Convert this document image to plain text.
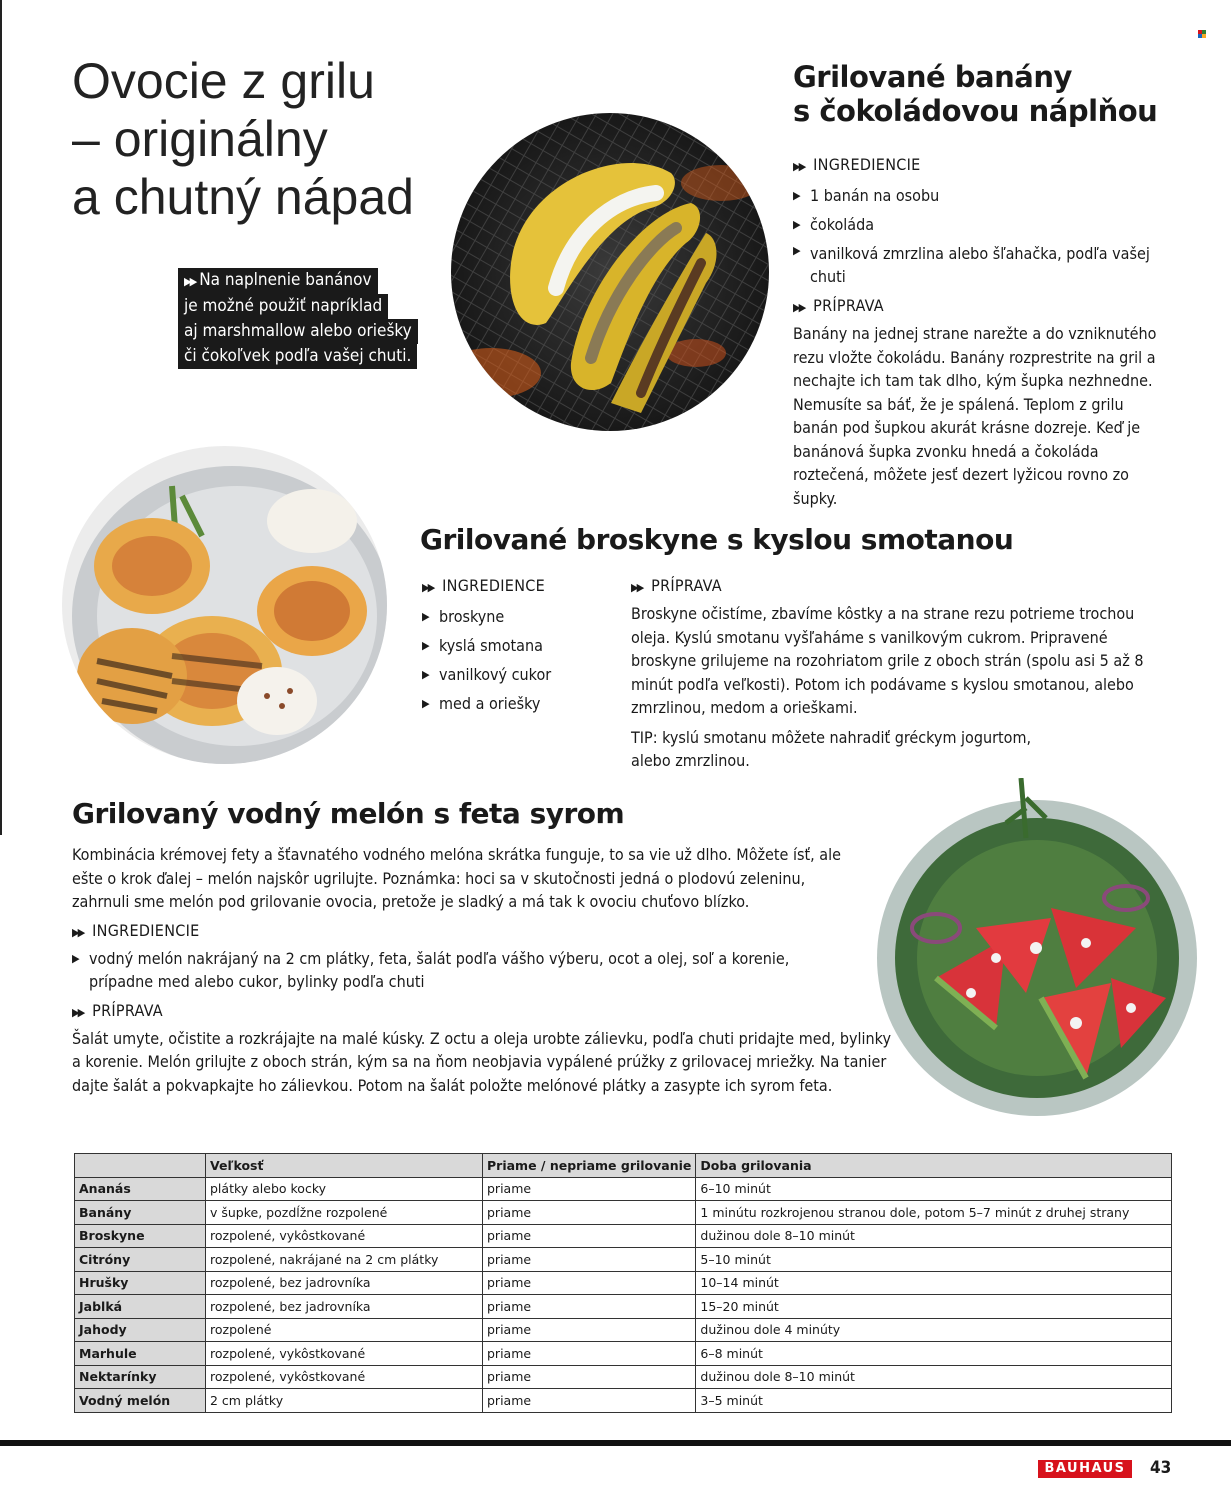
Ovocie z grilu
– originálny
a chutný nápad
▶▶ Na naplnenie banánov
je možné použiť napríklad
aj marshmallow alebo oriešky
či čokoľvek podľa vašej chuti.
Grilované banány
s čokoládovou náplňou
▶▶ INGREDIENCIE
▶ 1 banán na osobu
▶ čokoláda
▶ vanilková zmrzlina alebo šľahačka, podľa vašej chuti
▶▶ PRÍPRAVA
Banány na jednej strane narežte a do vzniknutého rezu vložte čokoládu. Banány rozprestrite na gril a nechajte ich tam tak dlho, kým šupka nezhnedne. Nemusíte sa báť, že je spálená. Teplom z grilu banán pod šupkou akurát krásne dozreje. Keď je banánová šupka zvonku hnedá a čokoláda roztečená, môžete jesť dezert lyžicou rovno zo šupky.
Grilované broskyne s kyslou smotanou
▶▶ INGREDIENCE
▶ broskyne
▶ kyslá smotana
▶ vanilkový cukor
▶ med a oriešky
▶▶ PRÍPRAVA
Broskyne očistíme, zbavíme kôstky a na strane rezu potrieme trochou oleja. Kyslú smotanu vyšľaháme s vanilkovým cukrom. Pripravené broskyne grilujeme na rozohriatom grile z oboch strán (spolu asi 5 až 8 minút podľa veľkosti). Potom ich podávame s kyslou smotanou, alebo zmrzlinou, medom a orieškami.
TIP: kyslú smotanu môžete nahradiť gréckym jogurtom, alebo zmrzlinou.
Grilovaný vodný melón s feta syrom
Kombinácia krémovej fety a šťavnatého vodného melóna skrátka funguje, to sa vie už dlho. Môžete ísť, ale ešte o krok ďalej – melón najskôr ugrilujte. Poznámka: hoci sa v skutočnosti jedná o plodovú zeleninu, zahrnuli sme melón pod grilovanie ovocia, pretože je sladký a má tak k ovociu chuťovo blízko.
▶▶ INGREDIENCIE
▶ vodný melón nakrájaný na 2 cm plátky, feta, šalát podľa vášho výberu, ocot a olej, soľ a korenie, prípadne med alebo cukor, bylinky podľa chuti
▶▶ PRÍPRAVA
Šalát umyte, očistite a rozkrájajte na malé kúsky. Z octu a oleja urobte zálievku, podľa chuti pridajte med, bylinky a korenie. Melón grilujte z oboch strán, kým sa na ňom neobjavia vypálené prúžky z grilovacej mriežky. Na tanier dajte šalát a pokvapkajte ho zálievkou. Potom na šalát položte melónové plátky a zasypte ich syrom feta.
	Veľkosť	Priame / nepriame grilovanie	Doba grilovania
Ananás	plátky alebo kocky	priame	6–10 minút
Banány	v šupke, pozdĺžne rozpolené	priame	1 minútu rozkrojenou stranou dole, potom 5–7 minút z druhej strany
Broskyne	rozpolené, vykôstkované	priame	dužinou dole 8–10 minút
Citróny	rozpolené, nakrájané na 2 cm plátky	priame	5–10 minút
Hrušky	rozpolené, bez jadrovníka	priame	10–14 minút
Jablká	rozpolené, bez jadrovníka	priame	15–20 minút
Jahody	rozpolené	priame	dužinou dole 4 minúty
Marhule	rozpolené, vykôstkované	priame	6–8 minút
Nektarínky	rozpolené, vykôstkované	priame	dužinou dole 8–10 minút
Vodný melón	2 cm plátky	priame	3–5 minút
BAUHAUS	43
